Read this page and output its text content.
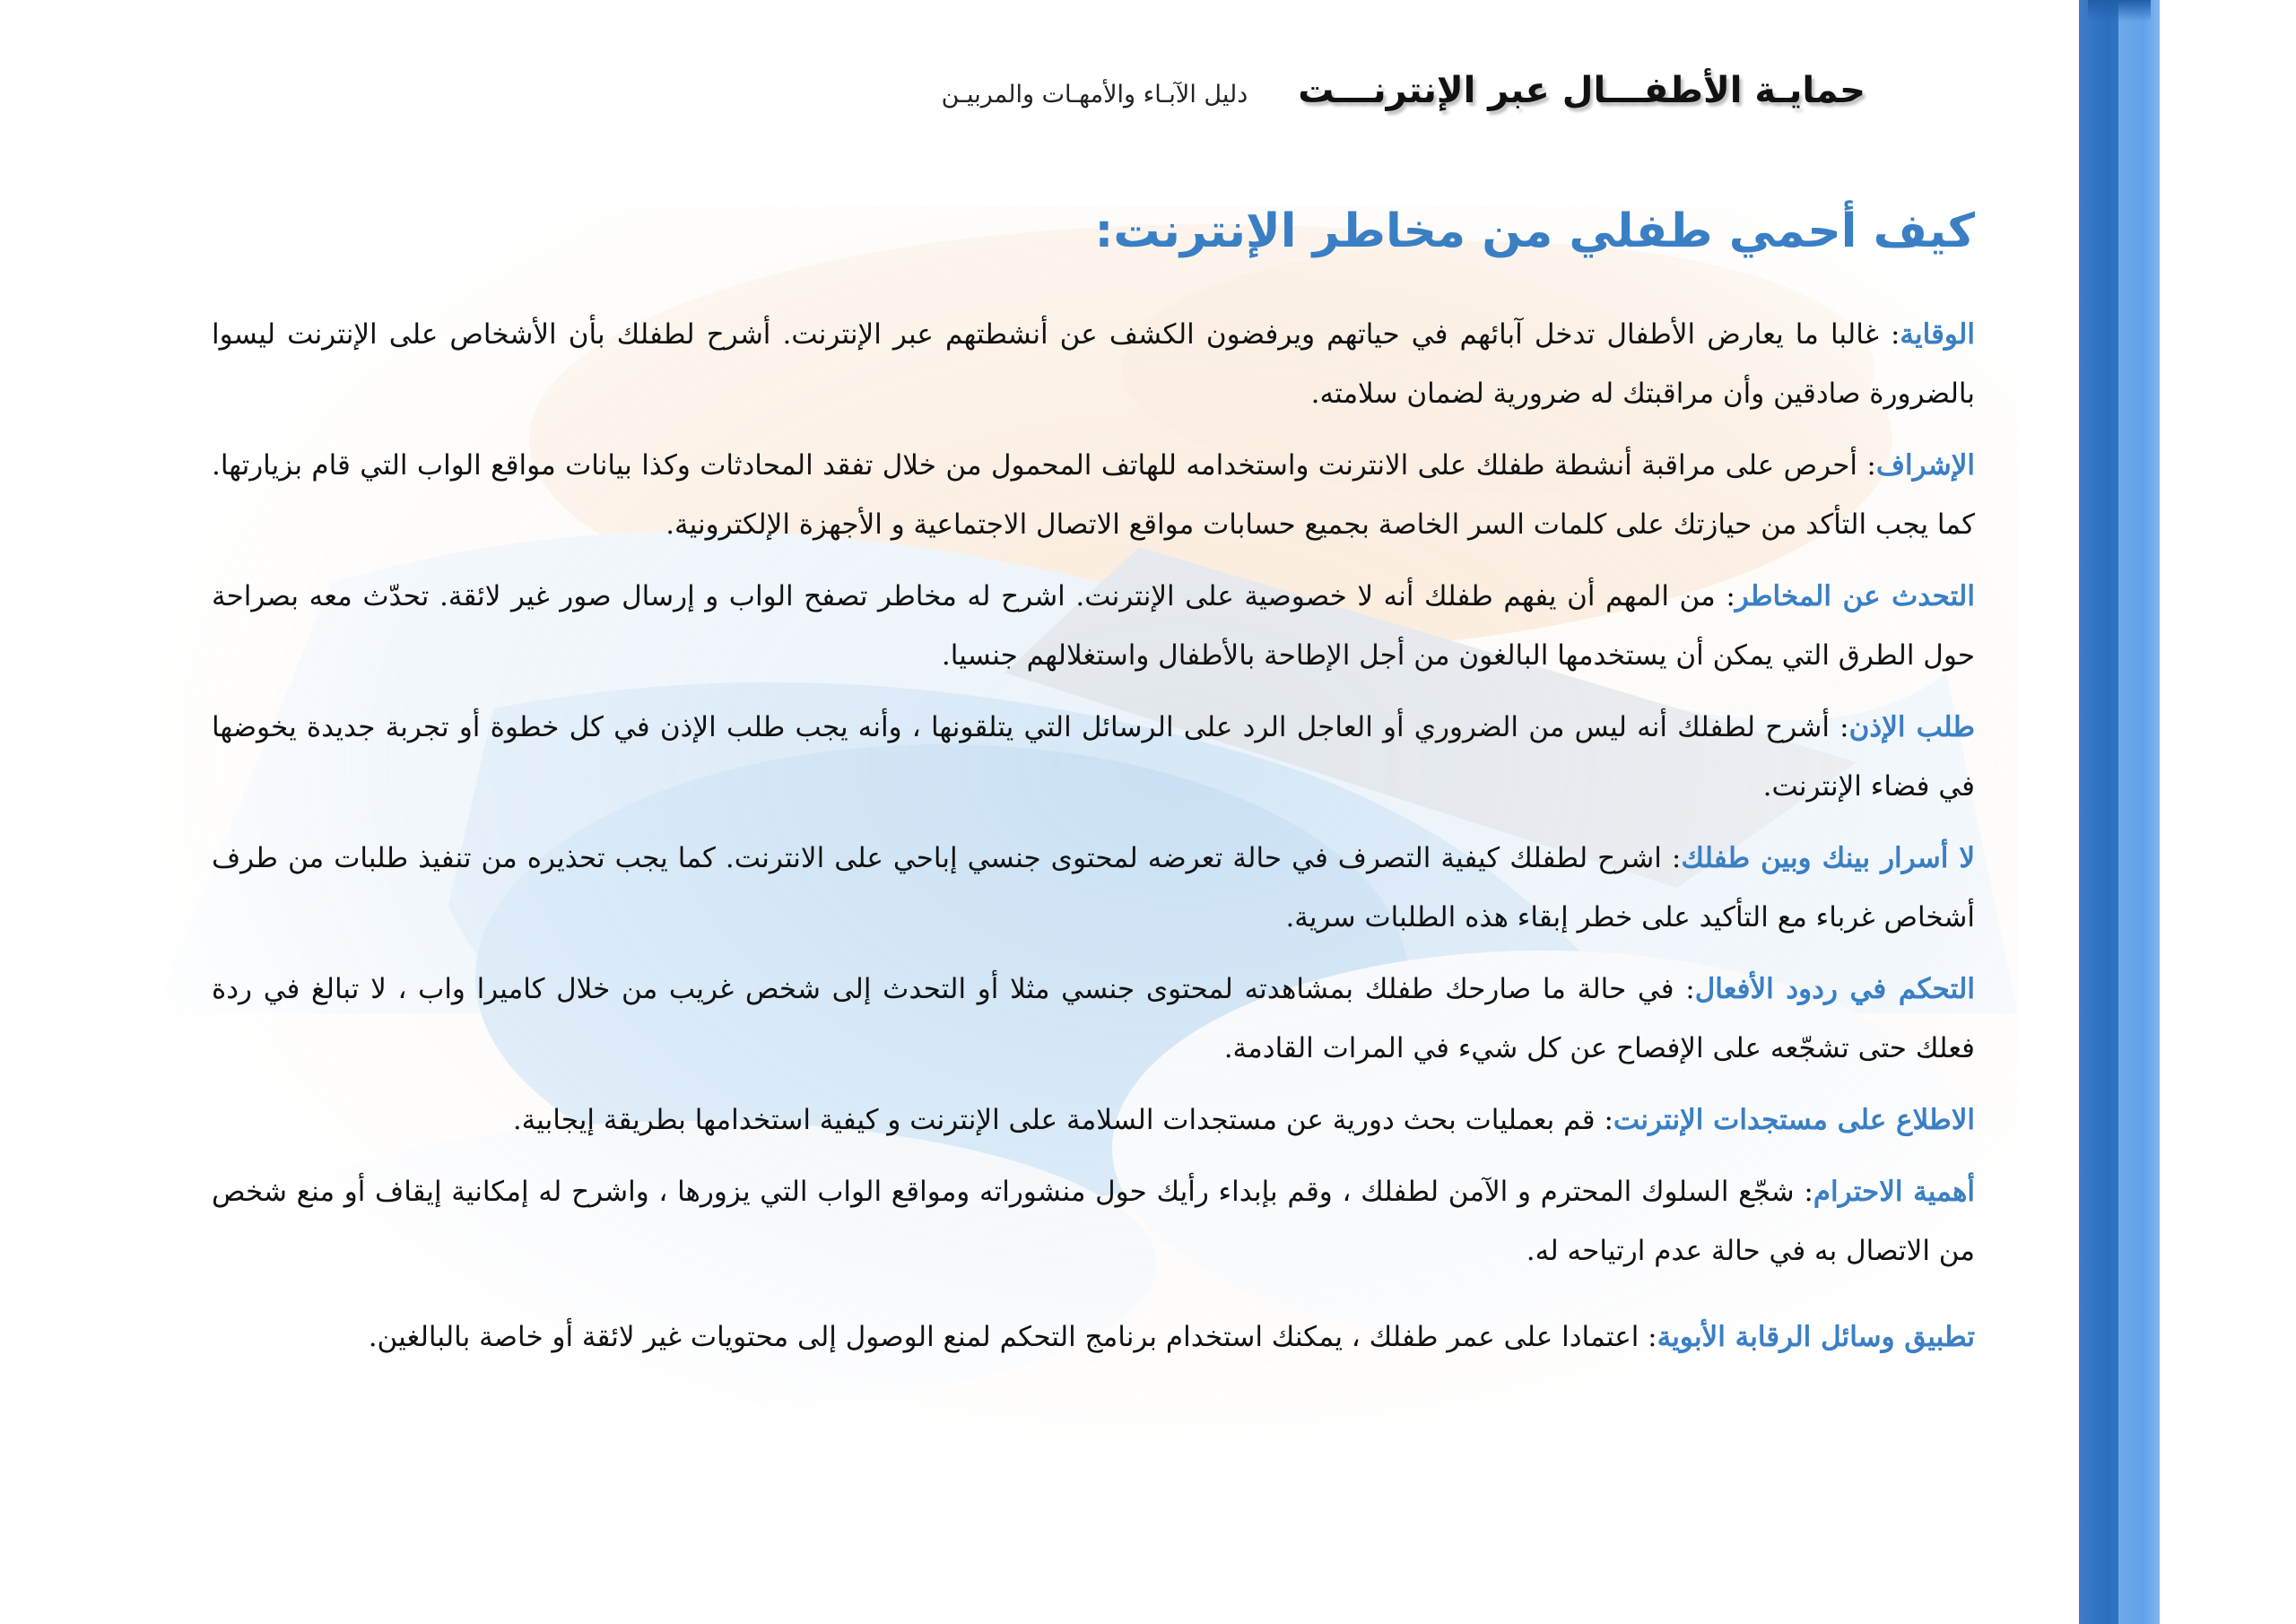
حمايـة الأطفـــال عبر الإنترنـــت
دليل الآبـاء والأمهـات والمربيـن
كيف أحمي طفلي من مخاطر الإنترنت:

الوقاية: غالبا ما يعارض الأطفال تدخل آبائهم في حياتهم ويرفضون الكشف عن أنشطتهم عبر الإنترنت. أشرح لطفلك بأن الأشخاص على الإنترنت ليسوا بالضرورة صادقين وأن مراقبتك له ضرورية لضمان سلامته.

الإشراف: أحرص على مراقبة أنشطة طفلك على الانترنت واستخدامه للهاتف المحمول من خلال تفقد المحادثات وكذا بيانات مواقع الواب التي قام بزيارتها. كما يجب التأكد من حيازتك على كلمات السر الخاصة بجميع حسابات مواقع الاتصال الاجتماعية و الأجهزة الإلكترونية.

التحدث عن المخاطر: من المهم أن يفهم طفلك أنه لا خصوصية على الإنترنت. اشرح له مخاطر تصفح الواب و إرسال صور غير لائقة. تحدّث معه بصراحة حول الطرق التي يمكن أن يستخدمها البالغون من أجل الإطاحة بالأطفال واستغلالهم جنسيا.

طلب الإذن: أشرح لطفلك أنه ليس من الضروري أو العاجل الرد على الرسائل التي يتلقونها ، وأنه يجب طلب الإذن في كل خطوة أو تجربة جديدة يخوضها في فضاء الإنترنت.

لا أسرار بينك وبين طفلك: اشرح لطفلك كيفية التصرف في حالة تعرضه لمحتوى جنسي إباحي على الانترنت. كما يجب تحذيره من تنفيذ طلبات من طرف أشخاص غرباء مع التأكيد على خطر إبقاء هذه الطلبات سرية.

التحكم في ردود الأفعال: في حالة ما صارحك طفلك بمشاهدته لمحتوى جنسي مثلا أو التحدث إلى شخص غريب من خلال كاميرا واب ، لا تبالغ في ردة فعلك حتى تشجّعه على الإفصاح عن كل شيء في المرات القادمة.

الاطلاع على مستجدات الإنترنت: قم بعمليات بحث دورية عن مستجدات السلامة على الإنترنت و كيفية استخدامها بطريقة إيجابية.

أهمية الاحترام: شجّع السلوك المحترم و الآمن لطفلك ، وقم بإبداء رأيك حول منشوراته ومواقع الواب التي يزورها ، واشرح له إمكانية إيقاف أو منع شخص من الاتصال به في حالة عدم ارتياحه له.

تطبيق وسائل الرقابة الأبوية: اعتمادا على عمر طفلك ، يمكنك استخدام برنامج التحكم لمنع الوصول إلى محتويات غير لائقة أو خاصة بالبالغين.
